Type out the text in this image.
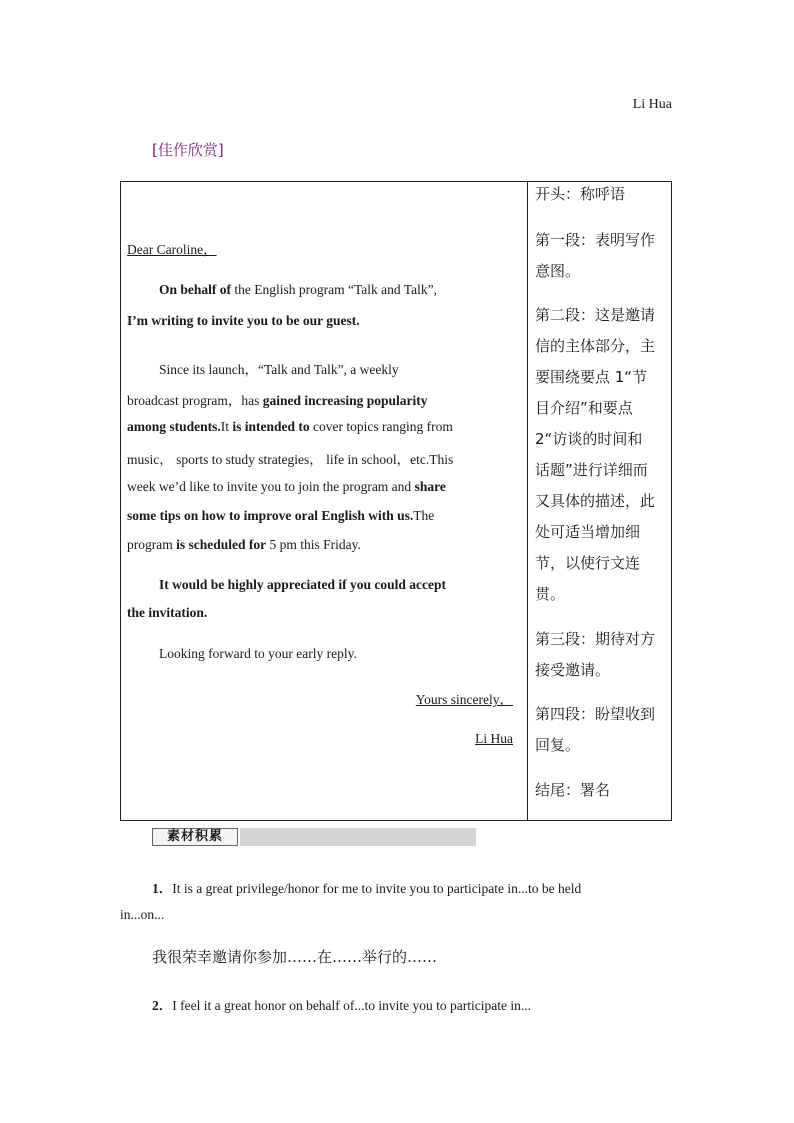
Li Hua
[佳作欣赏]
Dear Caroline，
On behalf of the English program “Talk and Talk”,
I’m writing to invite you to be our guest.
Since its launch，“Talk and Talk”, a weekly
broadcast program，has gained increasing popularity
among students.It is intended to cover topics ranging from
music， sports to study strategies， life in school，etc.This
week we’d like to invite you to join the program and share
some tips on how to improve oral English with us.The
program is scheduled for 5 pm this Friday.
It would be highly appreciated if you could accept
the invitation.
Looking forward to your early reply.
Yours sincerely，
Li Hua
开头：称呼语
第一段：表明写作
意图。
第二段：这是邀请
信的主体部分，主
要围绕要点 1“节
目介绍”和要点
2“访谈的时间和
话题”进行详细而
又具体的描述，此
处可适当增加细
节，以使行文连
贯。
第三段：期待对方
接受邀请。
第四段：盼望收到
回复。
结尾：署名
素材积累
1．It is a great privilege/honor for me to invite you to participate in...to be held
in...on...
我很荣幸邀请你参加……在……举行的……
2．I feel it a great honor on behalf of...to invite you to participate in...
